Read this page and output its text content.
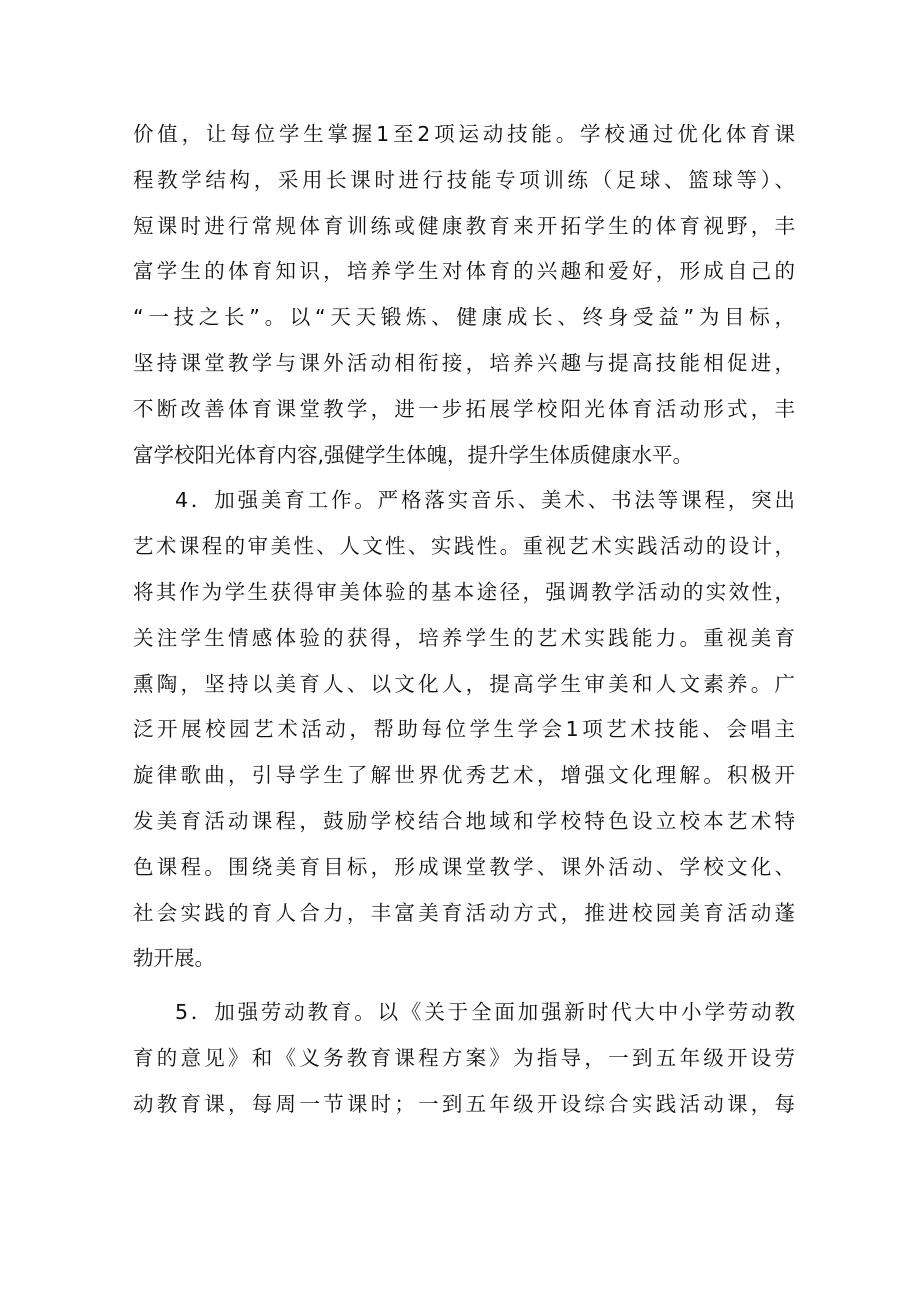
价值，让每位学生掌握1至2项运动技能。学校通过优化体育课
程教学结构，采用长课时进行技能专项训练（足球、篮球等）、
短课时进行常规体育训练或健康教育来开拓学生的体育视野，丰
富学生的体育知识，培养学生对体育的兴趣和爱好，形成自己的
“一技之长”。以“天天锻炼、健康成长、终身受益”为目标，
坚持课堂教学与课外活动相衔接，培养兴趣与提高技能相促进，
不断改善体育课堂教学，进一步拓展学校阳光体育活动形式，丰
富学校阳光体育内容,强健学生体魄，提升学生体质健康水平。
4．加强美育工作。严格落实音乐、美术、书法等课程，突出
艺术课程的审美性、人文性、实践性。重视艺术实践活动的设计，
将其作为学生获得审美体验的基本途径，强调教学活动的实效性，
关注学生情感体验的获得，培养学生的艺术实践能力。重视美育
熏陶，坚持以美育人、以文化人，提高学生审美和人文素养。广
泛开展校园艺术活动，帮助每位学生学会1项艺术技能、会唱主
旋律歌曲，引导学生了解世界优秀艺术，增强文化理解。积极开
发美育活动课程，鼓励学校结合地域和学校特色设立校本艺术特
色课程。围绕美育目标，形成课堂教学、课外活动、学校文化、
社会实践的育人合力，丰富美育活动方式，推进校园美育活动蓬
勃开展。
5．加强劳动教育。以《关于全面加强新时代大中小学劳动教
育的意见》和《义务教育课程方案》为指导，一到五年级开设劳
动教育课，每周一节课时；一到五年级开设综合实践活动课，每
